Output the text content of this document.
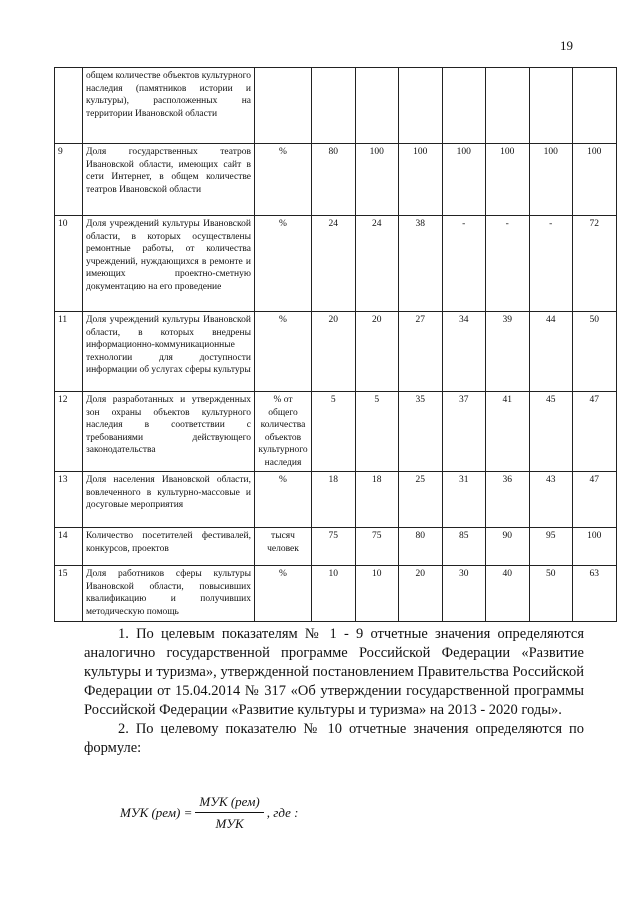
19
	общем количестве объектов культурного наследия (памятников истории и культуры), расположенных на территории Ивановской области								
9	Доля государственных театров Ивановской области, имеющих сайт в сети Интернет, в общем количестве театров Ивановской области	%	80	100	100	100	100	100	100
10	Доля учреждений культуры Ивановской области, в которых осуществлены ремонтные работы, от количества учреждений, нуждающихся в ремонте и имеющих проектно-сметную документацию на его проведение	%	24	24	38	-	-	-	72
11	Доля учреждений культуры Ивановской области, в которых внедрены информационно-коммуникационные технологии для доступности информации об услугах сферы культуры	%	20	20	27	34	39	44	50
12	Доля разработанных и утвержденных зон охраны объектов культурного наследия в соответствии с требованиями действующего законодательства	% от общего количества объектов культурного наследия	5	5	35	37	41	45	47
13	Доля населения Ивановской области, вовлеченного в культурно-массовые и досуговые мероприятия	%	18	18	25	31	36	43	47
14	Количество посетителей фестивалей, конкурсов, проектов	тысяч человек	75	75	80	85	90	95	100
15	Доля работников сферы культуры Ивановской области, повысивших квалификацию и получивших методическую помощь	%	10	10	20	30	40	50	63

1. По целевым показателям № 1 - 9 отчетные значения определяются аналогично государственной программе Российской Федерации «Развитие культуры и туризма», утвержденной постановлением Правительства Российской Федерации от 15.04.2014 № 317 «Об утверждении государственной программы Российской Федерации «Развитие культуры и туризма» на 2013 - 2020 годы».

2. По целевому показателю № 10 отчетные значения определяются по формуле:

МУК $(рем) = \frac{\text{МУК (рем)}}{\text{МУК}}$ , где :
